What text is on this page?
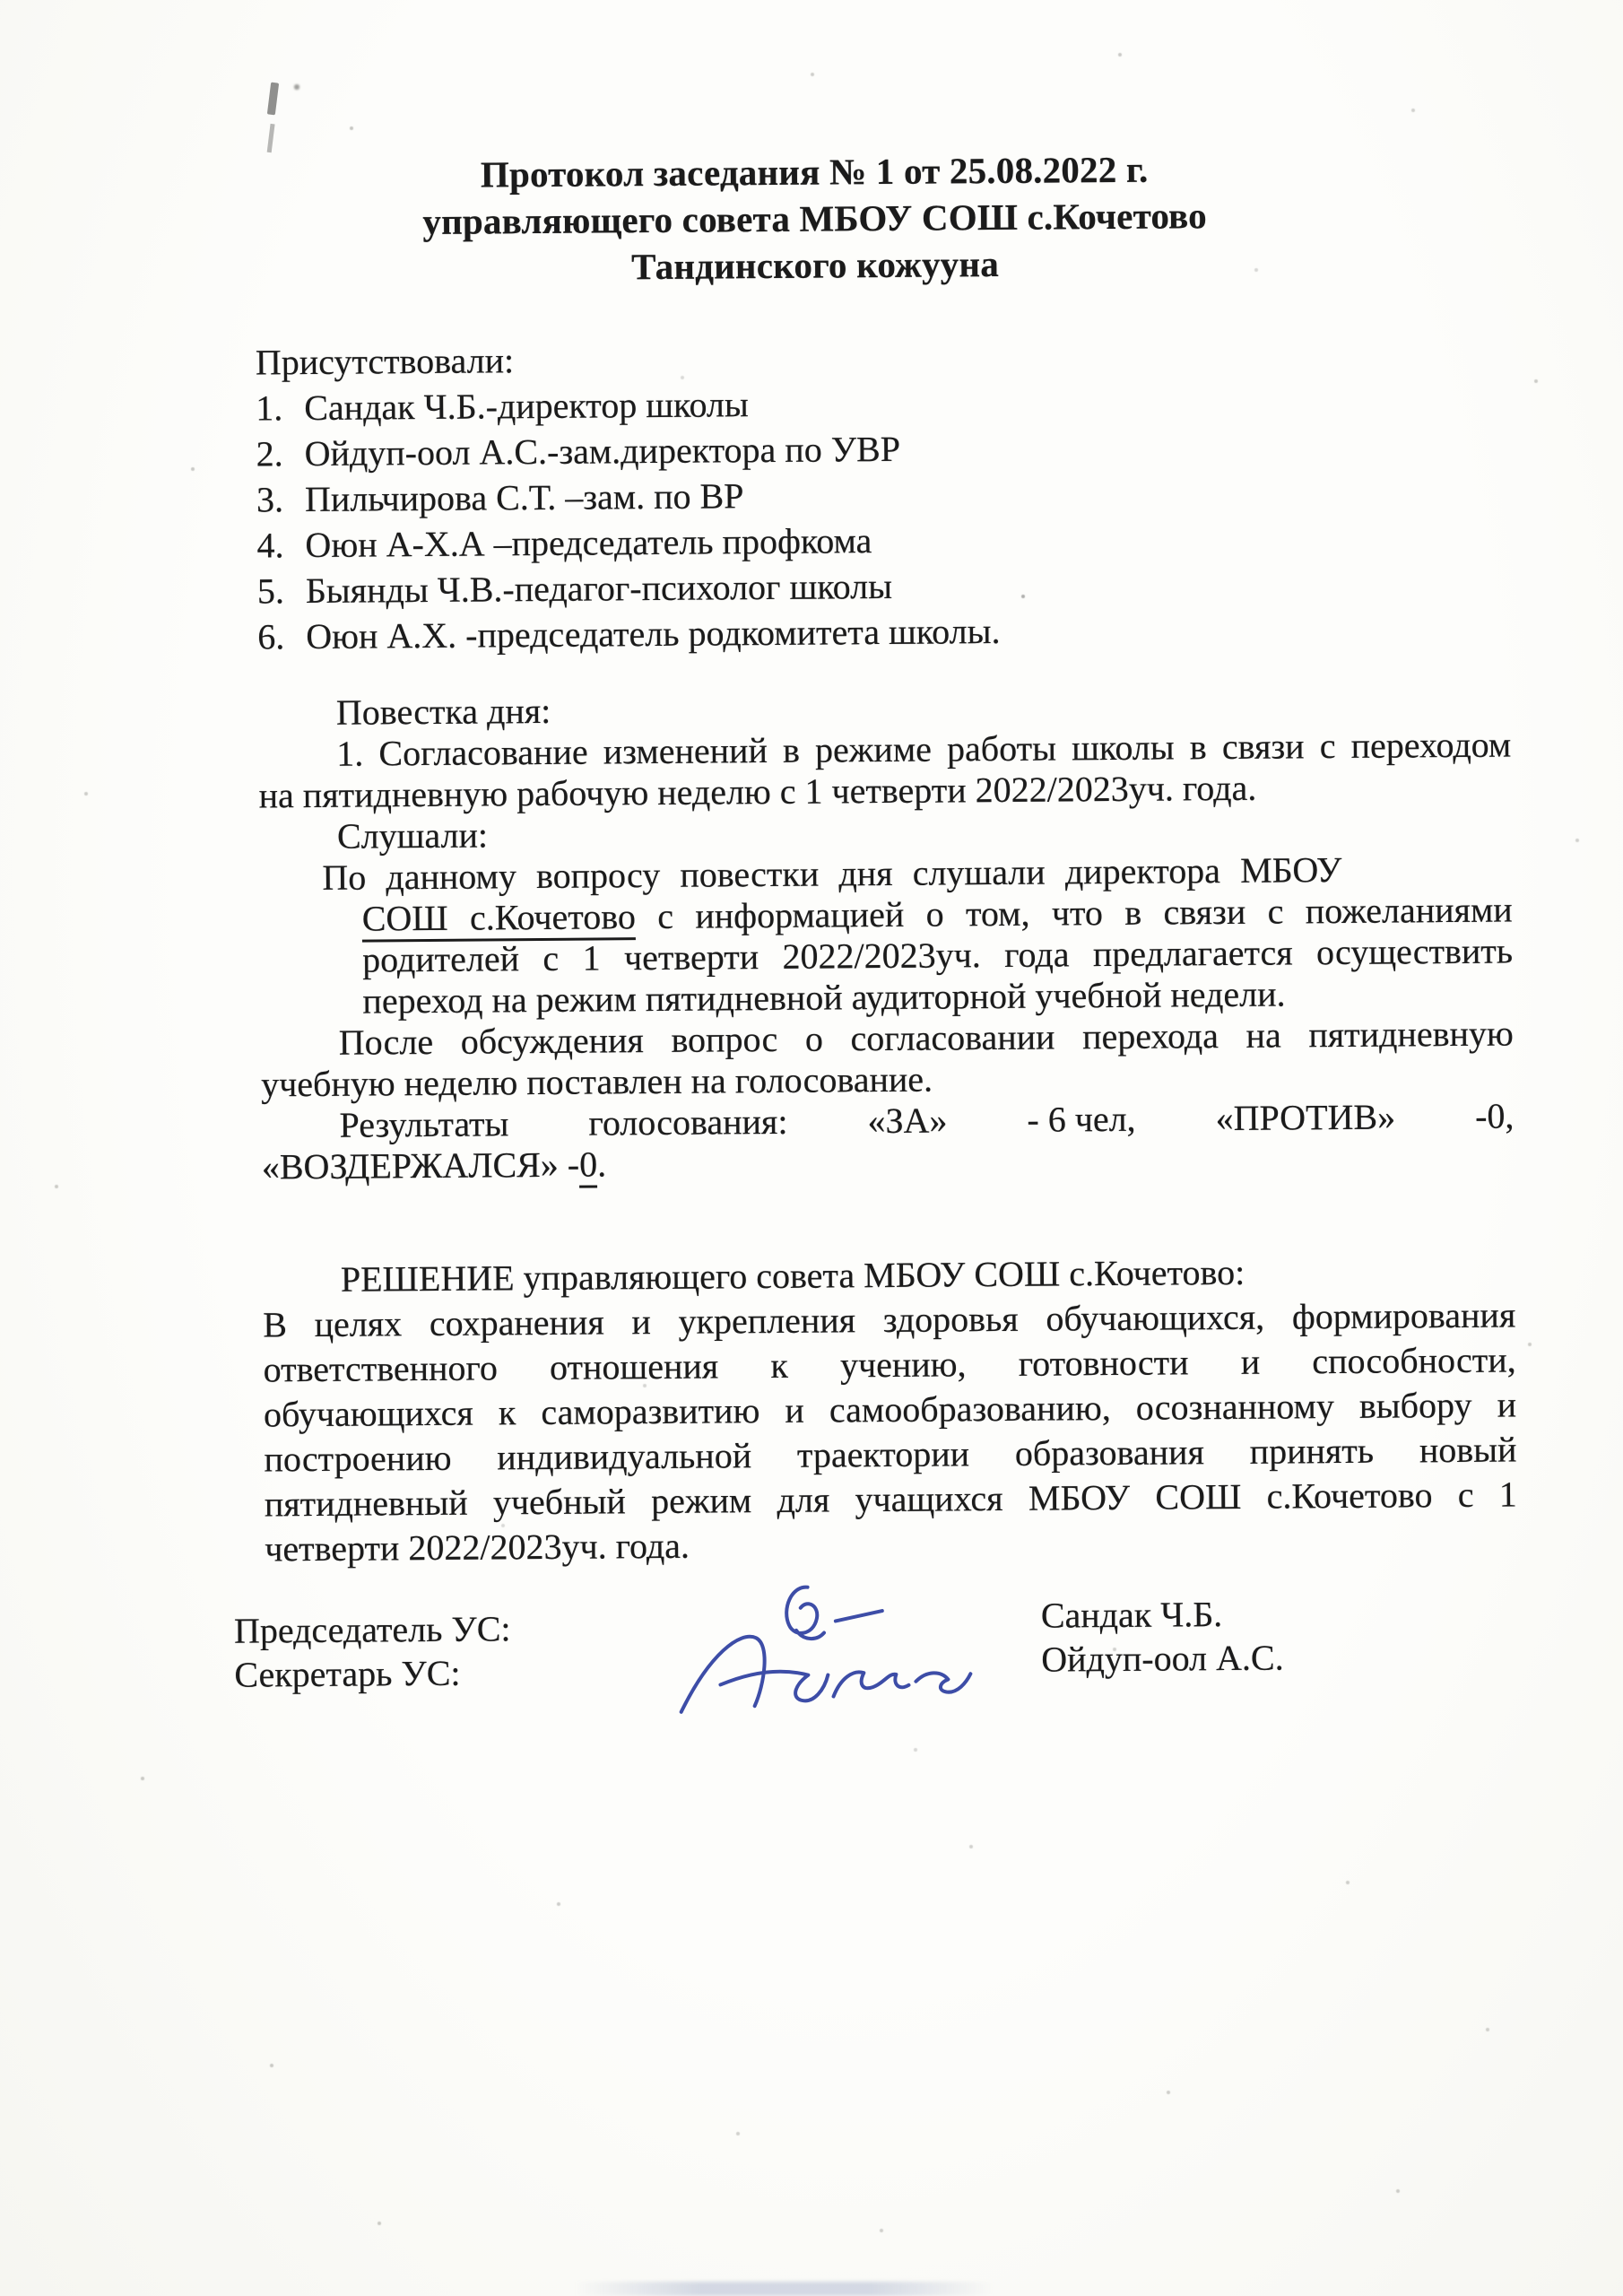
Протокол заседания № 1 от 25.08.2022 г.
управляющего совета МБОУ СОШ с.Кочетово
Тандинского кожууна
Присутствовали:
1. Сандак Ч.Б.-директор школы
2. Ойдуп-оол А.С.-зам.директора по УВР
3. Пильчирова С.Т. –зам. по ВР
4. Оюн А-Х.А –председатель профкома
5. Быянды Ч.В.-педагог-психолог школы
6. Оюн А.Х. -председатель родкомитета школы.
Повестка дня:
1. Согласование изменений в режиме работы школы в связи с переходом
на пятидневную рабочую неделю с 1 четверти 2022/2023уч. года.
Слушали:
По данному вопросу повестки дня слушали директора МБОУ
СОШ с.Кочетово с информацией о том, что в связи с пожеланиями
родителей с 1 четверти 2022/2023уч. года предлагается осуществить
переход на режим пятидневной аудиторной учебной недели.
После обсуждения вопрос о согласовании перехода на пятидневную
учебную неделю поставлен на голосование.
Результаты голосования: «ЗА» - 6 чел, «ПРОТИВ» -0,
«ВОЗДЕРЖАЛСЯ» -0.
РЕШЕНИЕ управляющего совета МБОУ СОШ с.Кочетово:
В целях сохранения и укрепления здоровья обучающихся, формирования
ответственного отношения к учению, готовности и способности,
обучающихся к саморазвитию и самообразованию, осознанному выбору и
построению индивидуальной траектории образования принять новый
пятидневный учебный режим для учащихся МБОУ СОШ с.Кочетово с 1
четверти 2022/2023уч. года.
Председатель УС:	Сандак Ч.Б.
Секретарь УС:	Ойдуп-оол А.С.
